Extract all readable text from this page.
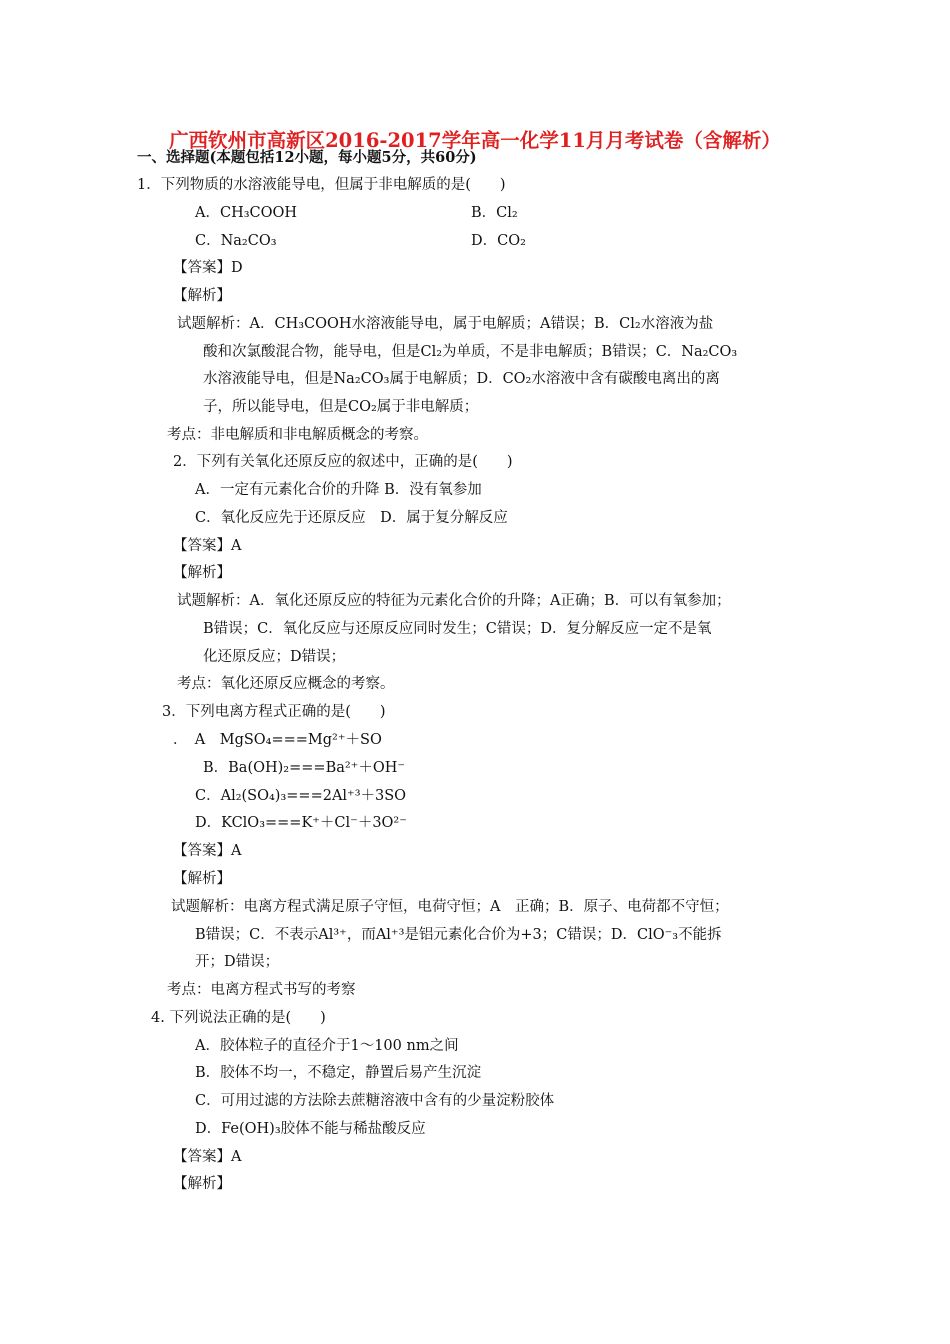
广西钦州市高新区2016-2017学年高一化学11月月考试卷（含解析）
一、选择题(本题包括12小题，每小题5分，共60分)
1．下列物质的水溶液能导电，但属于非电解质的是(　　)
A．CH₃COOH	B．Cl₂
C．Na₂CO₃	D．CO₂
【答案】D
【解析】
试题解析：A．CH₃COOH水溶液能导电，属于电解质；A错误；B．Cl₂水溶液为盐
酸和次氯酸混合物，能导电，但是Cl₂为单质，不是非电解质；B错误；C．Na₂CO₃
水溶液能导电，但是Na₂CO₃属于电解质；D．CO₂水溶液中含有碳酸电离出的离
子，所以能导电，但是CO₂属于非电解质；
考点：非电解质和非电解质概念的考察。
2．下列有关氧化还原反应的叙述中，正确的是(　　)
A．一定有元素化合价的升降 B．没有氧参加
C．氧化反应先于还原反应　D．属于复分解反应
【答案】A
【解析】
试题解析：A．氧化还原反应的特征为元素化合价的升降；A正确；B．可以有氧参加；
B错误；C．氧化反应与还原反应同时发生；C错误；D．复分解反应一定不是氧
化还原反应；D错误；
考点：氧化还原反应概念的考察。
3．下列电离方程式正确的是(　　)
．　A　MgSO₄===Mg²⁺＋SO
B．Ba(OH)₂===Ba²⁺＋OH⁻
C．Al₂(SO₄)₃===2Al⁺³＋3SO
D．KClO₃===K⁺＋Cl⁻＋3O²⁻
【答案】A
【解析】
试题解析：电离方程式满足原子守恒，电荷守恒；A　正确；B．原子、电荷都不守恒；
B错误；C．不表示Al³⁺，而Al⁺³是铝元素化合价为+3；C错误；D．ClO⁻₃不能拆
开；D错误；
考点：电离方程式书写的考察
4. 下列说法正确的是(　　)
A．胶体粒子的直径介于1～100 nm之间
B．胶体不均一，不稳定，静置后易产生沉淀
C．可用过滤的方法除去蔗糖溶液中含有的少量淀粉胶体
D．Fe(OH)₃胶体不能与稀盐酸反应
【答案】A
【解析】
